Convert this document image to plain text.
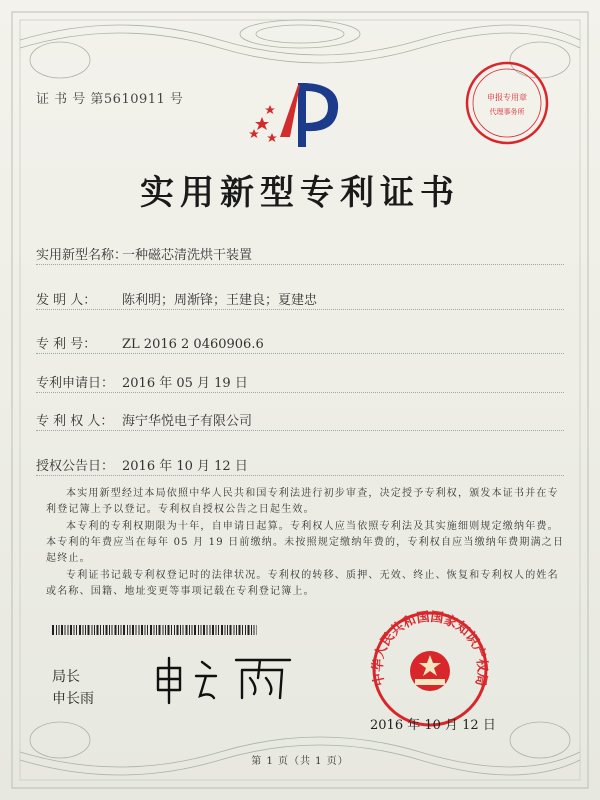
证 书 号 第5610911 号	申报专用章
代理事务所
实用新型专利证书
实用新型名称：一种磁芯清洗烘干装置
发 明 人： 陈利明；周渐锋；王建良；夏建忠
专 利 号： ZL 2016 2 0460906.6
专利申请日： 2016 年 05 月 19 日
专 利 权 人： 海宁华悦电子有限公司
授权公告日： 2016 年 10 月 12 日
本实用新型经过本局依照中华人民共和国专利法进行初步审查，决定授予专利权，颁发本证书并在专利登记簿上予以登记。专利权自授权公告之日起生效。
本专利的专利权期限为十年，自申请日起算。专利权人应当依照专利法及其实施细则规定缴纳年费。本专利的年费应当在每年 05 月 19 日前缴纳。未按照规定缴纳年费的，专利权自应当缴纳年费期满之日起终止。
专利证书记载专利权登记时的法律状况。专利权的转移、质押、无效、终止、恢复和专利权人的姓名或名称、国籍、地址变更等事项记载在专利登记簿上。
局长
申长雨
中华人民共和国国家知识产权局
2016 年 10 月 12 日
第 1 页（共 1 页）
